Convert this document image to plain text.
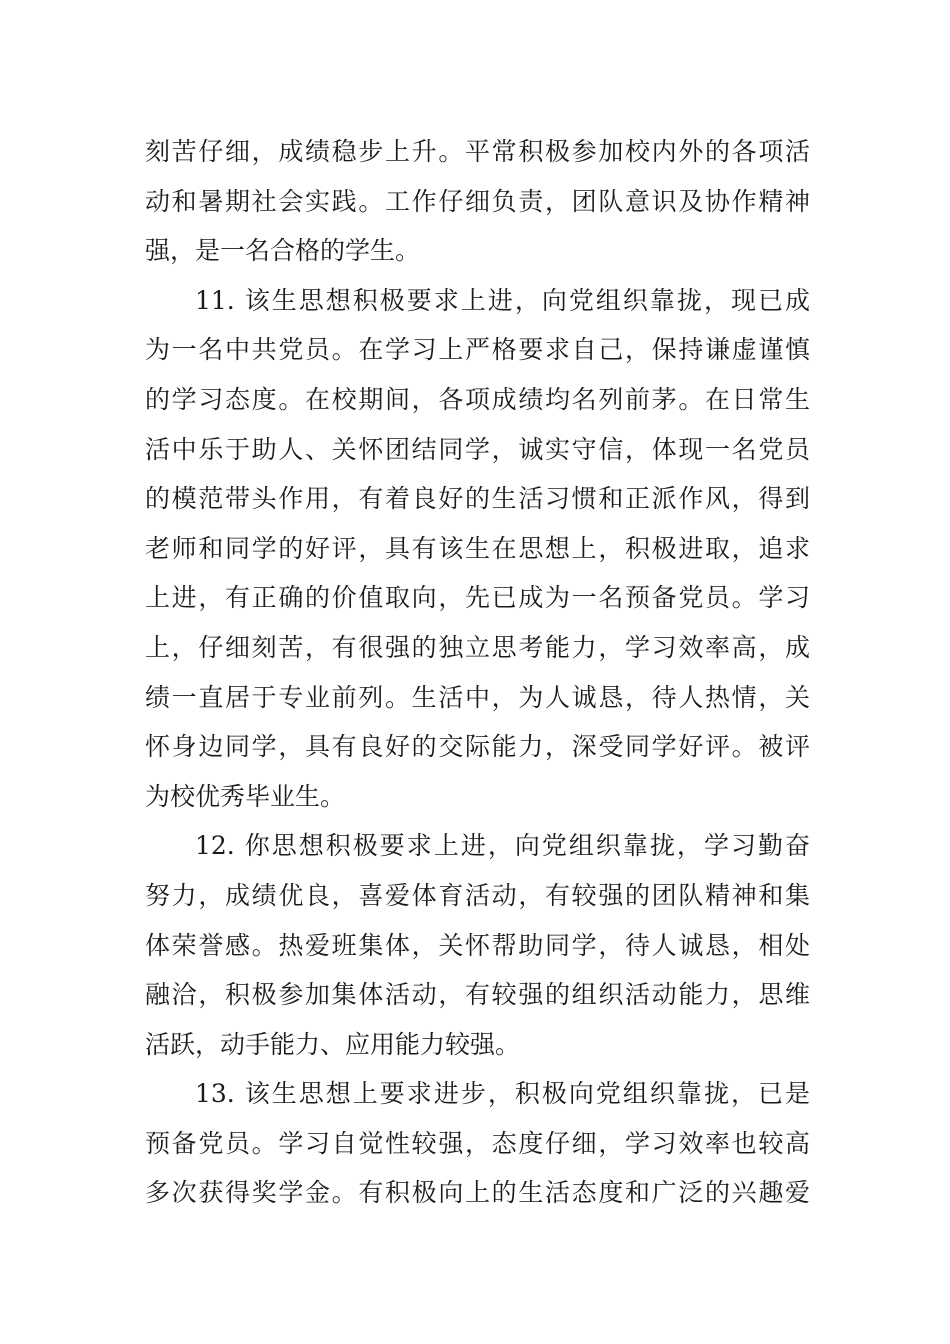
刻苦仔细，成绩稳步上升。平常积极参加校内外的各项活
动和暑期社会实践。工作仔细负责，团队意识及协作精神
强，是一名合格的学生。
11. 该生思想积极要求上进，向党组织靠拢，现已成
为一名中共党员。在学习上严格要求自己，保持谦虚谨慎
的学习态度。在校期间，各项成绩均名列前茅。在日常生
活中乐于助人、关怀团结同学，诚实守信，体现一名党员
的模范带头作用，有着良好的生活习惯和正派作风，得到
老师和同学的好评，具有该生在思想上，积极进取，追求
上进，有正确的价值取向，先已成为一名预备党员。学习
上，仔细刻苦，有很强的独立思考能力，学习效率高，成
绩一直居于专业前列。生活中，为人诚恳，待人热情，关
怀身边同学，具有良好的交际能力，深受同学好评。被评
为校优秀毕业生。
12. 你思想积极要求上进，向党组织靠拢，学习勤奋
努力，成绩优良，喜爱体育活动，有较强的团队精神和集
体荣誉感。热爱班集体，关怀帮助同学，待人诚恳，相处
融洽，积极参加集体活动，有较强的组织活动能力，思维
活跃，动手能力、应用能力较强。
13. 该生思想上要求进步，积极向党组织靠拢，已是
预备党员。学习自觉性较强，态度仔细，学习效率也较高
多次获得奖学金。有积极向上的生活态度和广泛的兴趣爱
